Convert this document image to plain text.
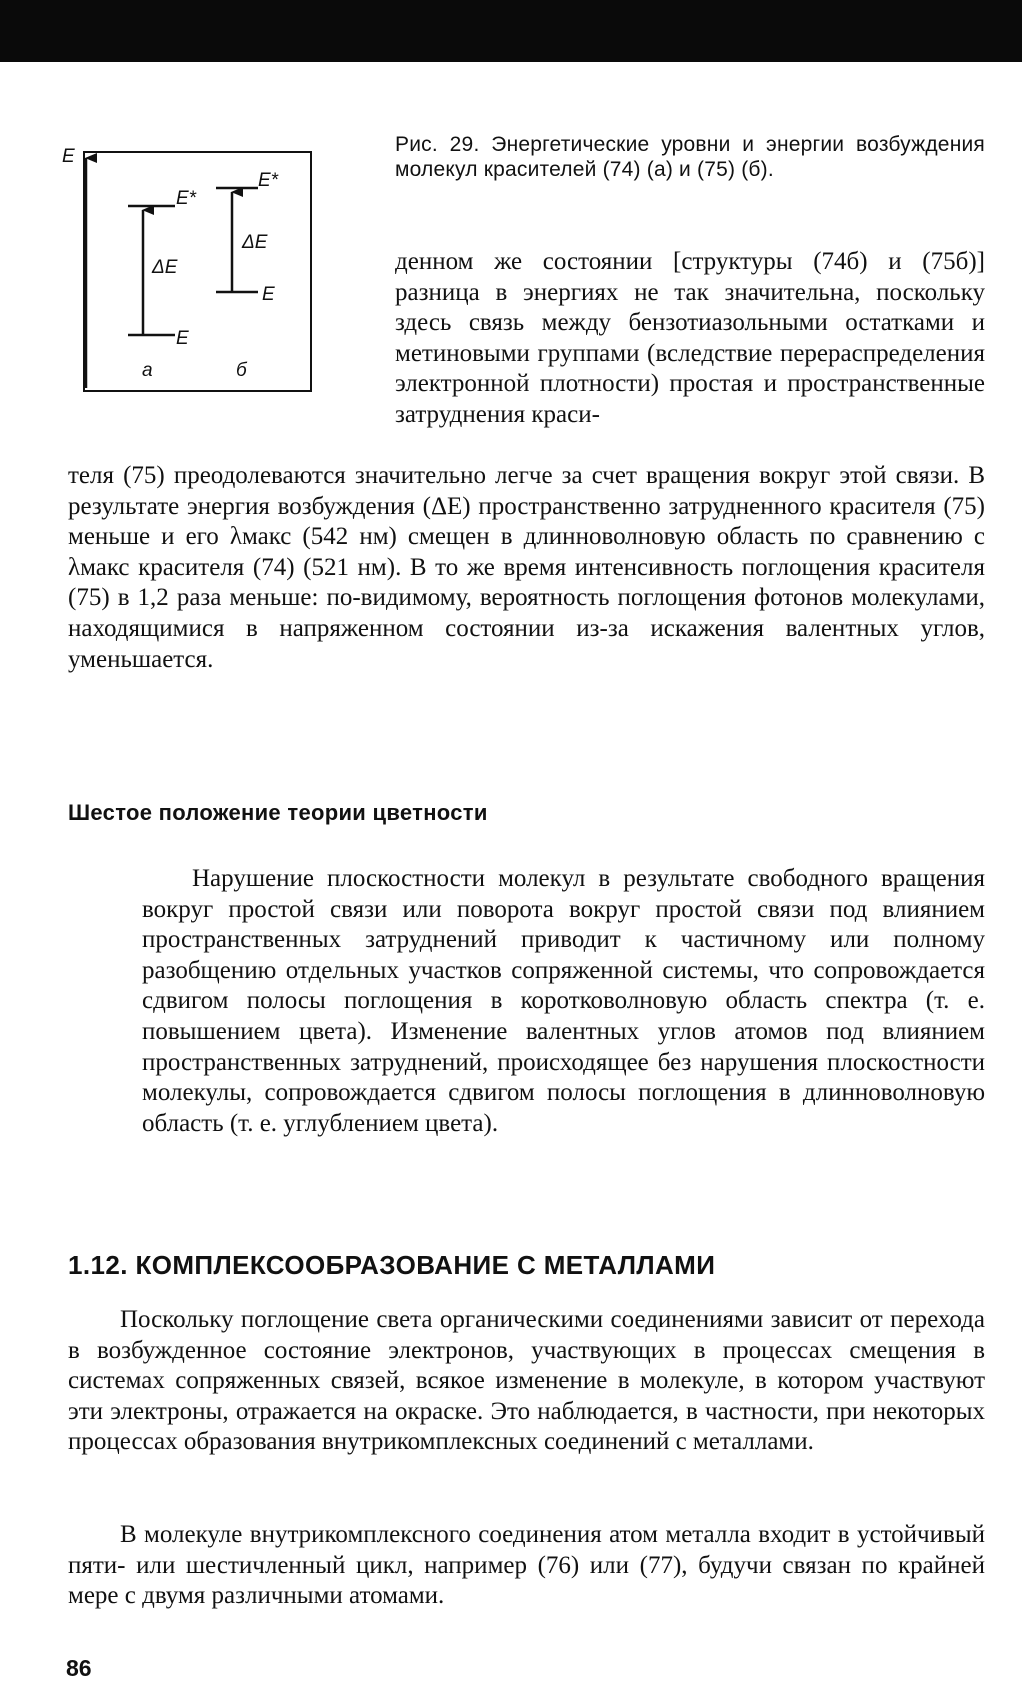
E
E*
E
ΔE
а
E*
E
ΔE
б
Рис. 29. Энергетические уровни и энергии возбуждения молекул красителей (74) (а) и (75) (б).
денном же состоянии [структуры (74б) и (75б)] разница в энергиях не так значительна, поскольку здесь связь между бензотиазольными остатками и метиновыми группами (вследствие перераспределения электронной плотности) простая и пространственные затруднения краси-
теля (75) преодолеваются значительно легче за счет вращения вокруг этой связи. В результате энергия возбуждения (ΔE) пространственно затрудненного красителя (75) меньше и его λмакс (542 нм) смещен в длинноволновую область по сравнению с λмакс красителя (74) (521 нм). В то же время интенсивность поглощения красителя (75) в 1,2 раза меньше: по-видимому, вероятность поглощения фотонов молекулами, находящимися в напряженном состоянии из-за искажения валентных углов, уменьшается.
Шестое положение теории цветности

Нарушение плоскостности молекул в результате свободного вращения вокруг простой связи или поворота вокруг простой связи под влиянием пространственных затруднений приводит к частичному или полному разобщению отдельных участков сопряженной системы, что сопровождается сдвигом полосы поглощения в коротковолновую область спектра (т. е. повышением цвета). Изменение валентных углов атомов под влиянием пространственных затруднений, происходящее без нарушения плоскостности молекулы, сопровождается сдвигом полосы поглощения в длинноволновую область (т. е. углублением цвета).

1.12. КОМПЛЕКСООБРАЗОВАНИЕ С МЕТАЛЛАМИ

Поскольку поглощение света органическими соединениями зависит от перехода в возбужденное состояние электронов, участвующих в процессах смещения в системах сопряженных связей, всякое изменение в молекуле, в котором участвуют эти электроны, отражается на окраске. Это наблюдается, в частности, при некоторых процессах образования внутрикомплексных соединений с металлами.

В молекуле внутрикомплексного соединения атом металла входит в устойчивый пяти- или шестичленный цикл, например (76) или (77), будучи связан по крайней мере с двумя различными атомами.

86
